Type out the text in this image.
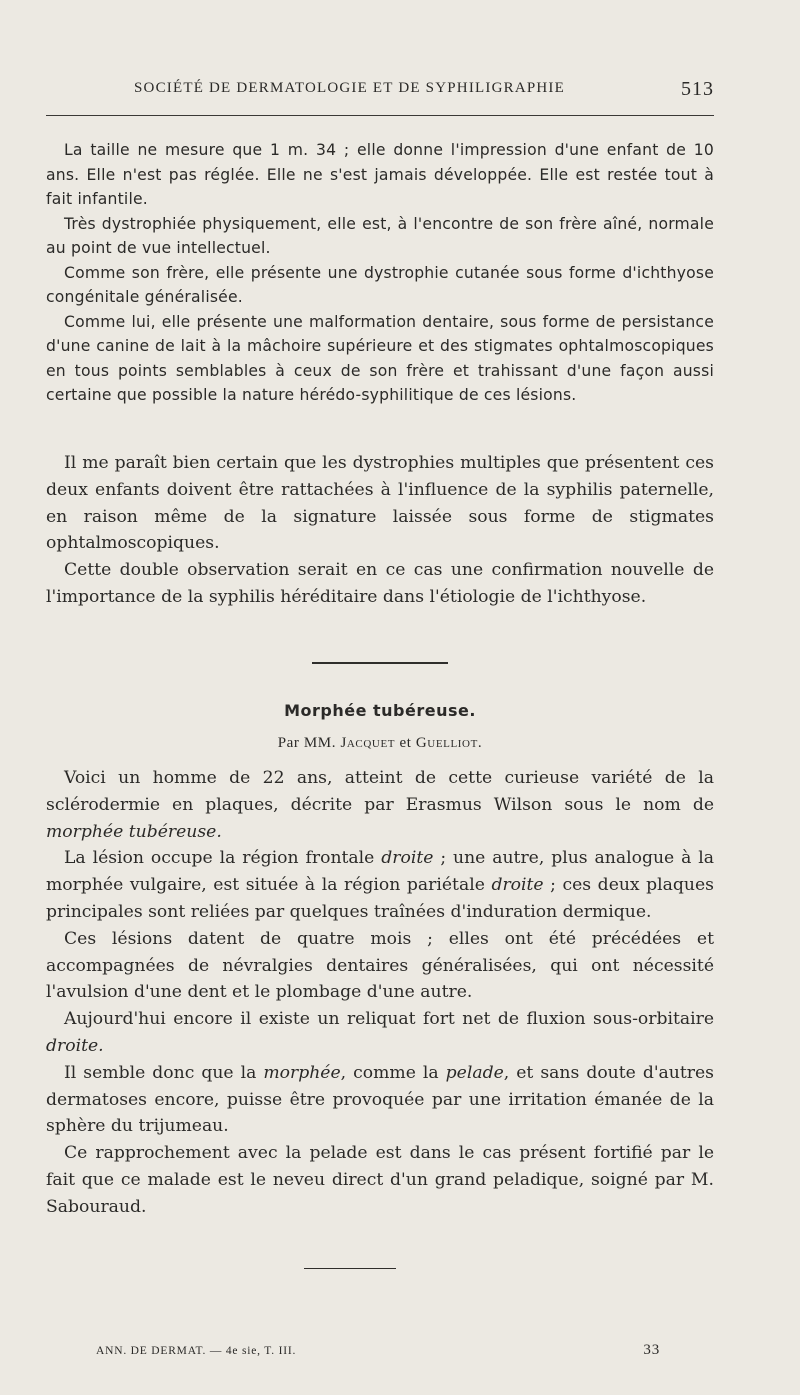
SOCIÉTÉ DE DERMATOLOGIE ET DE SYPHILIGRAPHIE	513

La taille ne mesure que 1 m. 34 ; elle donne l'impression d'une enfant de 10 ans. Elle n'est pas réglée. Elle ne s'est jamais développée. Elle est restée tout à fait infantile.

Très dystrophiée physiquement, elle est, à l'encontre de son frère aîné, normale au point de vue intellectuel.

Comme son frère, elle présente une dystrophie cutanée sous forme d'ichthyose congénitale généralisée.

Comme lui, elle présente une malformation dentaire, sous forme de persistance d'une canine de lait à la mâchoire supérieure et des stigmates ophtalmoscopiques en tous points semblables à ceux de son frère et trahissant d'une façon aussi certaine que possible la nature hérédo-syphilitique de ces lésions.

Il me paraît bien certain que les dystrophies multiples que présentent ces deux enfants doivent être rattachées à l'influence de la syphilis paternelle, en raison même de la signature laissée sous forme de stigmates ophtalmoscopiques.

Cette double observation serait en ce cas une confirmation nouvelle de l'importance de la syphilis héréditaire dans l'étiologie de l'ichthyose.

Morphée tubéreuse.
Par MM. Jacquet et Guelliot.

Voici un homme de 22 ans, atteint de cette curieuse variété de la sclérodermie en plaques, décrite par Erasmus Wilson sous le nom de morphée tubéreuse.

La lésion occupe la région frontale droite ; une autre, plus analogue à la morphée vulgaire, est située à la région pariétale droite ; ces deux plaques principales sont reliées par quelques traînées d'induration dermique.

Ces lésions datent de quatre mois ; elles ont été précédées et accompagnées de névralgies dentaires généralisées, qui ont nécessité l'avulsion d'une dent et le plombage d'une autre.

Aujourd'hui encore il existe un reliquat fort net de fluxion sous-orbitaire droite.

Il semble donc que la morphée, comme la pelade, et sans doute d'autres dermatoses encore, puisse être provoquée par une irritation émanée de la sphère du trijumeau.

Ce rapprochement avec la pelade est dans le cas présent fortifié par le fait que ce malade est le neveu direct d'un grand peladique, soigné par M. Sabouraud.

ANN. DE DERMAT. — 4e sie, T. III.	33
